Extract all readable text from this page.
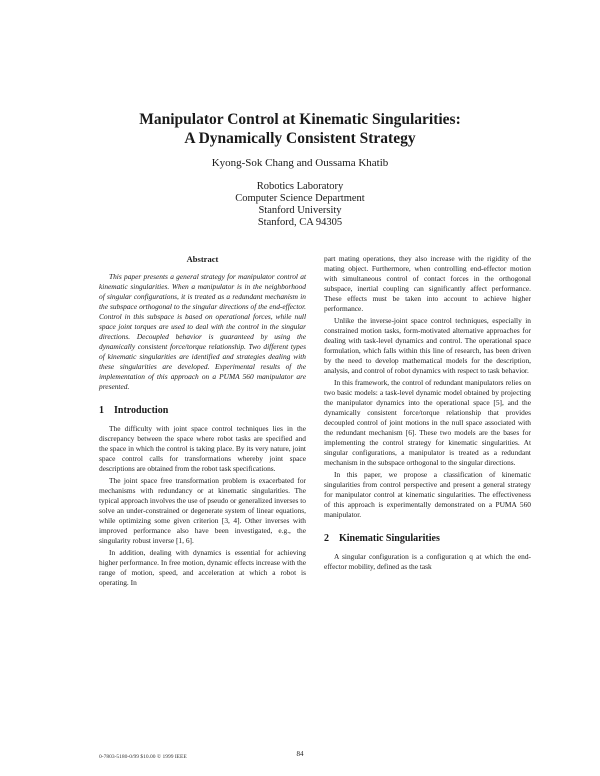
Manipulator Control at Kinematic Singularities:
A Dynamically Consistent Strategy
Kyong-Sok Chang and Oussama Khatib
Robotics Laboratory
Computer Science Department
Stanford University
Stanford, CA 94305
Abstract

This paper presents a general strategy for manipulator control at kinematic singularities. When a manipulator is in the neighborhood of singular configurations, it is treated as a redundant mechanism in the subspace orthogonal to the singular directions of the end-effector. Control in this subspace is based on operational forces, while null space joint torques are used to deal with the control in the singular directions. Decoupled behavior is guaranteed by using the dynamically consistent force/torque relationship. Two different types of kinematic singularities are identified and strategies dealing with these singularities are developed. Experimental results of the implementation of this approach on a PUMA 560 manipulator are presented.

1 Introduction

The difficulty with joint space control techniques lies in the discrepancy between the space where robot tasks are specified and the space in which the control is taking place. By its very nature, joint space control calls for transformations whereby joint space descriptions are obtained from the robot task specifications.

The joint space free transformation problem is exacerbated for mechanisms with redundancy or at kinematic singularities. The typical approach involves the use of pseudo or generalized inverses to solve an under-constrained or degenerate system of linear equations, while optimizing some given criterion [3, 4]. Other inverses with improved performance also have been investigated, e.g., the singularity robust inverse [1, 6].

In addition, dealing with dynamics is essential for achieving higher performance. In free motion, dynamic effects increase with the range of motion, speed, and acceleration at which a robot is operating. In

part mating operations, they also increase with the rigidity of the mating object. Furthermore, when controlling end-effector motion with simultaneous control of contact forces in the orthogonal subspace, inertial coupling can significantly affect performance. These effects must be taken into account to achieve higher performance.

Unlike the inverse-joint space control techniques, especially in constrained motion tasks, form-motivated alternative approaches for dealing with task-level dynamics and control. The operational space formulation, which falls within this line of research, has been driven by the need to develop mathematical models for the description, analysis, and control of robot dynamics with respect to task behavior.

In this framework, the control of redundant manipulators relies on two basic models: a task-level dynamic model obtained by projecting the manipulator dynamics into the operational space [5], and the dynamically consistent force/torque relationship that provides decoupled control of joint motions in the null space associated with the redundant mechanism [6]. These two models are the bases for implementing the control strategy for kinematic singularities. At singular configurations, a manipulator is treated as a redundant mechanism in the subspace orthogonal to the singular directions.

In this paper, we propose a classification of kinematic singularities from control perspective and present a general strategy for manipulator control at kinematic singularities. The effectiveness of this approach is experimentally demonstrated on a PUMA 560 manipulator.

2 Kinematic Singularities

A singular configuration is a configuration q at which the end-effector mobility, defined as the task

84
0-7803-5180-0/99 $10.00 © 1999 IEEE
